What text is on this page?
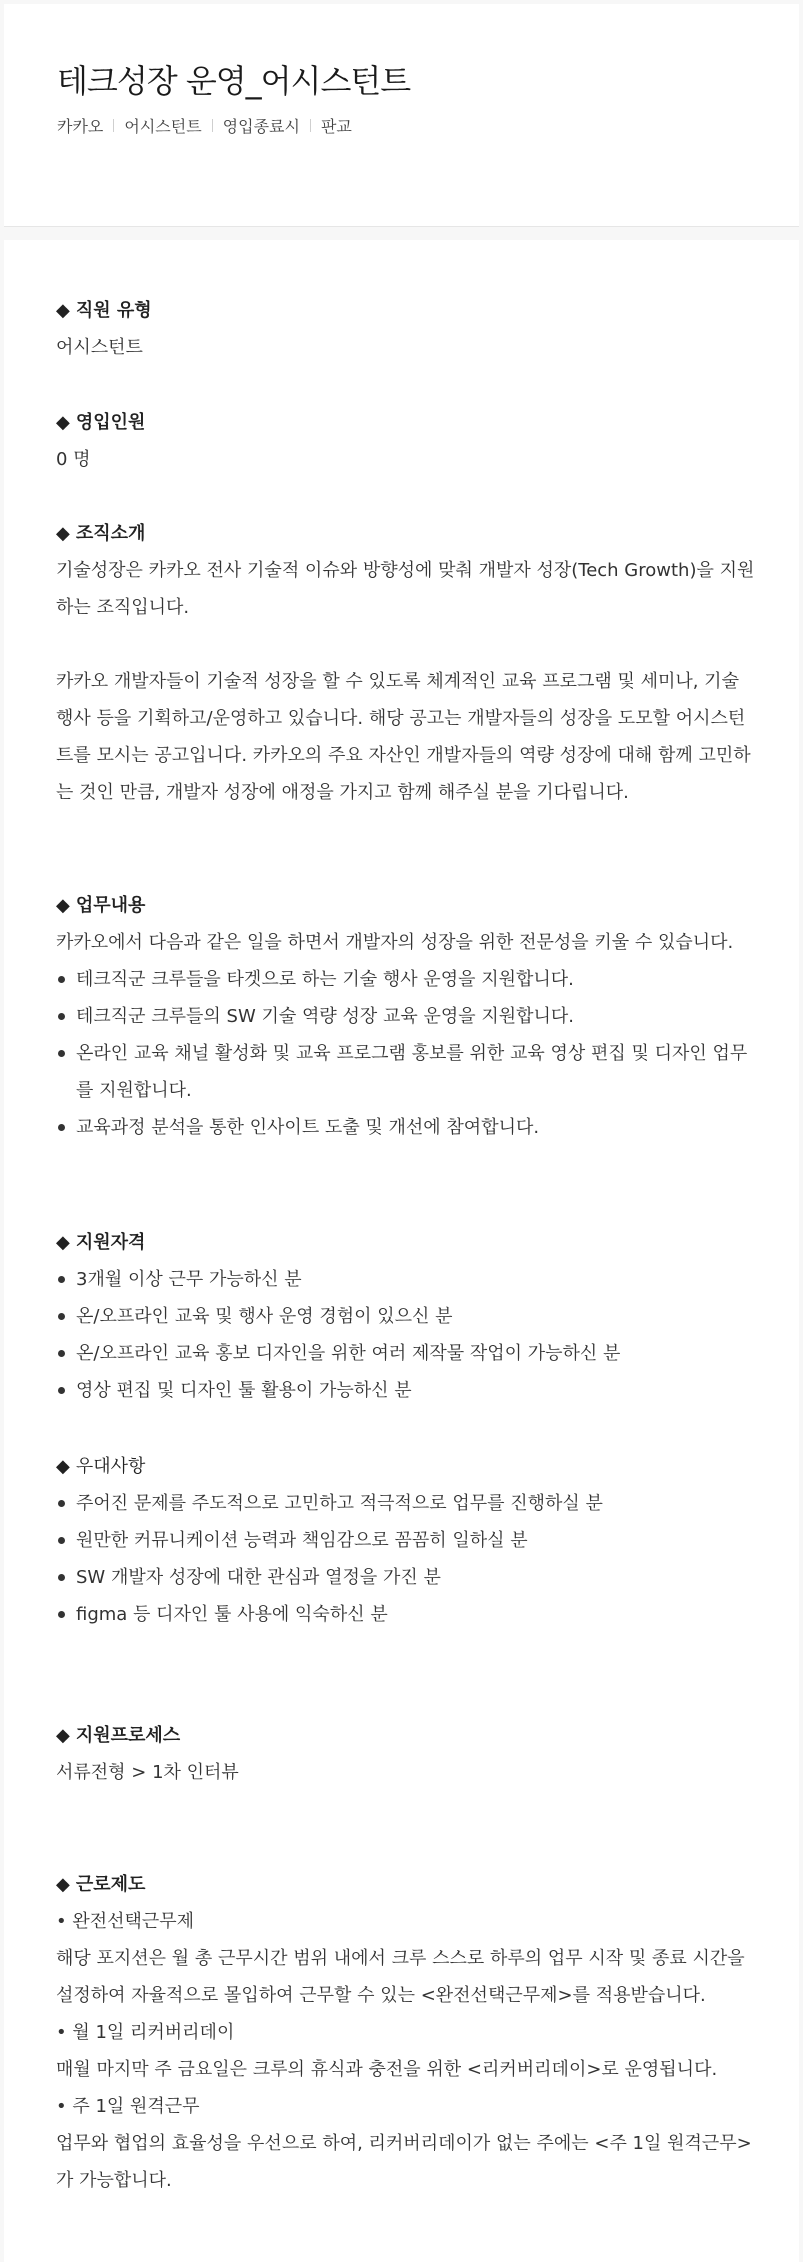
테크성장 운영_어시스턴트
카카오 어시스턴트 영입종료시 판교

◆ 직원 유형

어시스턴트

◆ 영입인원

0 명

◆ 조직소개

기술성장은 카카오 전사 기술적 이슈와 방향성에 맞춰 개발자 성장(Tech Growth)을 지원하는 조직입니다.

카카오 개발자들이 기술적 성장을 할 수 있도록 체계적인 교육 프로그램 및 세미나, 기술 행사 등을 기획하고/운영하고 있습니다. 해당 공고는 개발자들의 성장을 도모할 어시스턴트를 모시는 공고입니다. 카카오의 주요 자산인 개발자들의 역량 성장에 대해 함께 고민하는 것인 만큼, 개발자 성장에 애정을 가지고 함께 해주실 분을 기다립니다.

◆ 업무내용

카카오에서 다음과 같은 일을 하면서 개발자의 성장을 위한 전문성을 키울 수 있습니다.

테크직군 크루들을 타겟으로 하는 기술 행사 운영을 지원합니다.
테크직군 크루들의 SW 기술 역량 성장 교육 운영을 지원합니다.
온라인 교육 채널 활성화 및 교육 프로그램 홍보를 위한 교육 영상 편집 및 디자인 업무를 지원합니다.
교육과정 분석을 통한 인사이트 도출 및 개선에 참여합니다.

◆ 지원자격

3개월 이상 근무 가능하신 분
온/오프라인 교육 및 행사 운영 경험이 있으신 분
온/오프라인 교육 홍보 디자인을 위한 여러 제작물 작업이 가능하신 분
영상 편집 및 디자인 툴 활용이 가능하신 분

◆ 우대사항

주어진 문제를 주도적으로 고민하고 적극적으로 업무를 진행하실 분
원만한 커뮤니케이션 능력과 책임감으로 꼼꼼히 일하실 분
SW 개발자 성장에 대한 관심과 열정을 가진 분
figma 등 디자인 툴 사용에 익숙하신 분

◆ 지원프로세스

서류전형 > 1차 인터뷰

◆ 근로제도

• 완전선택근무제

해당 포지션은 월 총 근무시간 범위 내에서 크루 스스로 하루의 업무 시작 및 종료 시간을 설정하여 자율적으로 몰입하여 근무할 수 있는 <완전선택근무제>를 적용받습니다.

• 월 1일 리커버리데이

매월 마지막 주 금요일은 크루의 휴식과 충전을 위한 <리커버리데이>로 운영됩니다.

• 주 1일 원격근무

업무와 협업의 효율성을 우선으로 하여, 리커버리데이가 없는 주에는 <주 1일 원격근무>가 가능합니다.
